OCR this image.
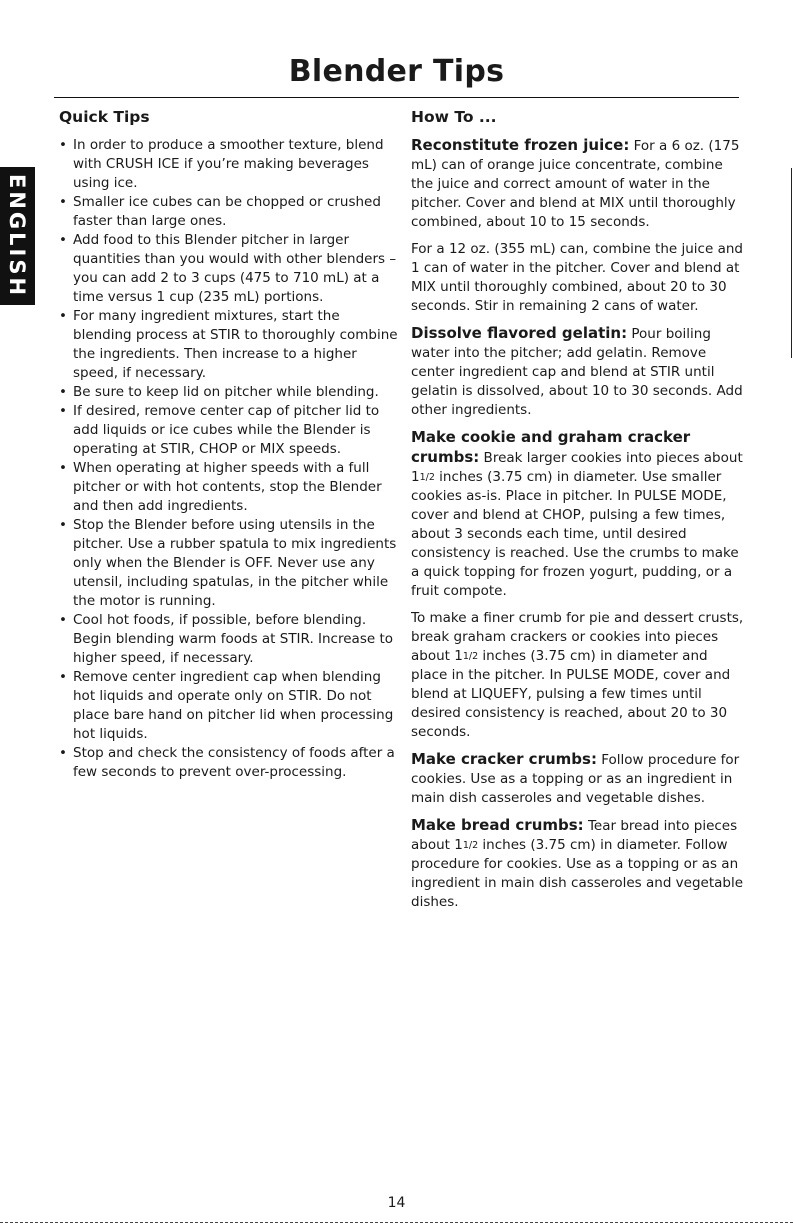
Blender Tips
ENGLISH
Quick Tips
• In order to produce a smoother texture, blend with CRUSH ICE if you’re making beverages using ice.
• Smaller ice cubes can be chopped or crushed faster than large ones.
• Add food to this Blender pitcher in larger quantities than you would with other blenders – you can add 2 to 3 cups (475 to 710 mL) at a time versus 1 cup (235 mL) portions.
• For many ingredient mixtures, start the blending process at STIR to thoroughly combine the ingredients. Then increase to a higher speed, if necessary.
• Be sure to keep lid on pitcher while blending.
• If desired, remove center cap of pitcher lid to add liquids or ice cubes while the Blender is operating at STIR, CHOP or MIX speeds.
• When operating at higher speeds with a full pitcher or with hot contents, stop the Blender and then add ingredients.
• Stop the Blender before using utensils in the pitcher. Use a rubber spatula to mix ingredients only when the Blender is OFF. Never use any utensil, including spatulas, in the pitcher while the motor is running.
• Cool hot foods, if possible, before blending. Begin blending warm foods at STIR. Increase to higher speed, if necessary.
• Remove center ingredient cap when blending hot liquids and operate only on STIR. Do not place bare hand on pitcher lid when processing hot liquids.
• Stop and check the consistency of foods after a few seconds to prevent over-processing.
How To ...

Reconstitute frozen juice: For a 6 oz. (175 mL) can of orange juice concentrate, combine the juice and correct amount of water in the pitcher. Cover and blend at MIX until thoroughly combined, about 10 to 15 seconds.

For a 12 oz. (355 mL) can, combine the juice and 1 can of water in the pitcher. Cover and blend at MIX until thoroughly combined, about 20 to 30 seconds. Stir in remaining 2 cans of water.

Dissolve flavored gelatin: Pour boiling water into the pitcher; add gelatin. Remove center ingredient cap and blend at STIR until gelatin is dissolved, about 10 to 30 seconds. Add other ingredients.

Make cookie and graham cracker crumbs: Break larger cookies into pieces about 11/2 inches (3.75 cm) in diameter. Use smaller cookies as-is. Place in pitcher. In PULSE MODE, cover and blend at CHOP, pulsing a few times, about 3 seconds each time, until desired consistency is reached. Use the crumbs to make a quick topping for frozen yogurt, pudding, or a fruit compote.

To make a finer crumb for pie and dessert crusts, break graham crackers or cookies into pieces about 11/2 inches (3.75 cm) in diameter and place in the pitcher. In PULSE MODE, cover and blend at LIQUEFY, pulsing a few times until desired consistency is reached, about 20 to 30 seconds.

Make cracker crumbs: Follow procedure for cookies. Use as a topping or as an ingredient in main dish casseroles and vegetable dishes.

Make bread crumbs: Tear bread into pieces about 11/2 inches (3.75 cm) in diameter. Follow procedure for cookies. Use as a topping or as an ingredient in main dish casseroles and vegetable dishes.

14
